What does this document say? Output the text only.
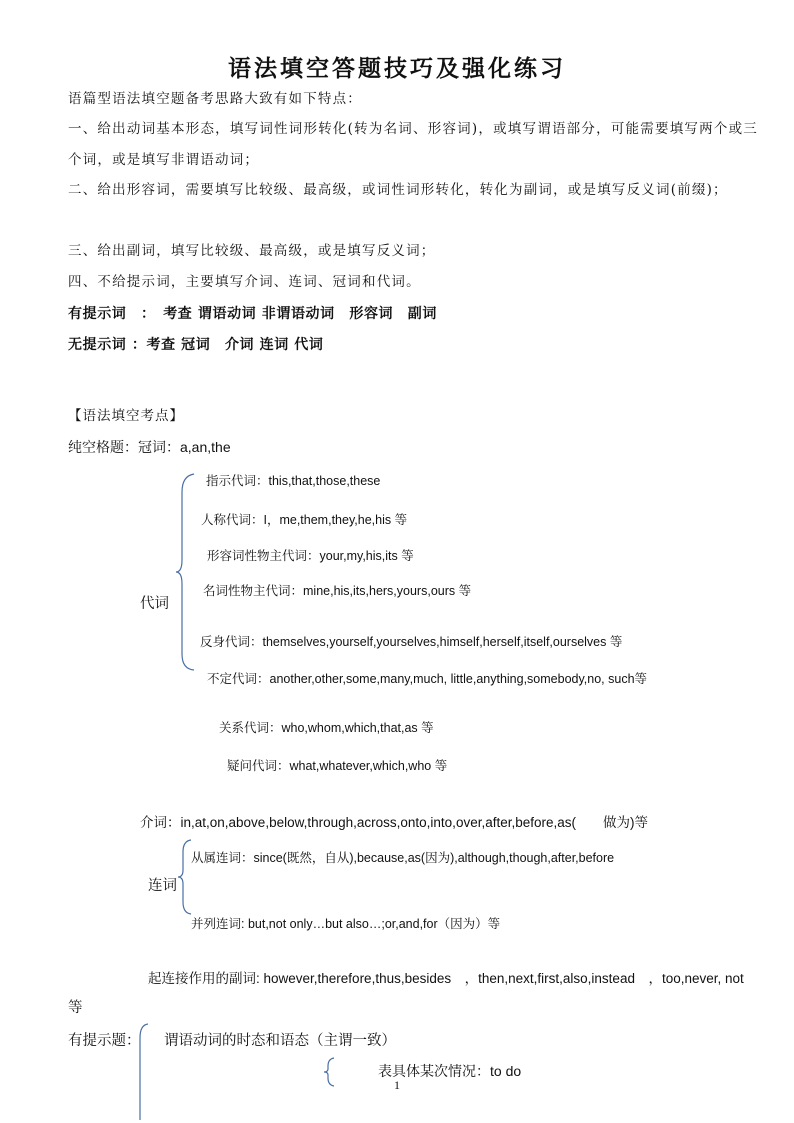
语法填空答题技巧及强化练习
语篇型语法填空题备考思路大致有如下特点：
一、给出动词基本形态，填写词性词形转化(转为名词、形容词)，或填写谓语部分，可能需要填写两个或三个词，或是填写非谓语动词；
二、给出形容词，需要填写比较级、最高级，或词性词形转化，转化为副词，或是填写反义词(前缀)；
三、给出副词，填写比较级、最高级，或是填写反义词；
四、不给提示词，主要填写介词、连词、冠词和代词。
有提示词　：　考查 谓语动词 非谓语动词　形容词　副词
无提示词 ：考查 冠词　介词 连词 代词
【语法填空考点】
纯空格题：冠词：a,an,the
代词
指示代词：this,that,those,these
人称代词：I，me,them,they,he,his 等
形容词性物主代词：your,my,his,its 等
名词性物主代词：mine,his,its,hers,yours,ours 等
反身代词：themselves,yourself,yourselves,himself,herself,itself,ourselves 等
不定代词：another,other,some,many,much, little,anything,somebody,no, such等
关系代词：who,whom,which,that,as 等
疑问代词：what,whatever,which,who 等
介词：in,at,on,above,below,through,across,onto,into,over,after,before,as(　　做为)等
连词
从属连词：since(既然，自从),because,as(因为),although,though,after,before
并列连词: but,not only…but also…;or,and,for（因为）等
起连接作用的副词: however,therefore,thus,besides　，then,next,first,also,instead　，too,never, not
等
有提示题： 谓语动词的时态和语态（主谓一致）
表具体某次情况：to do
1
